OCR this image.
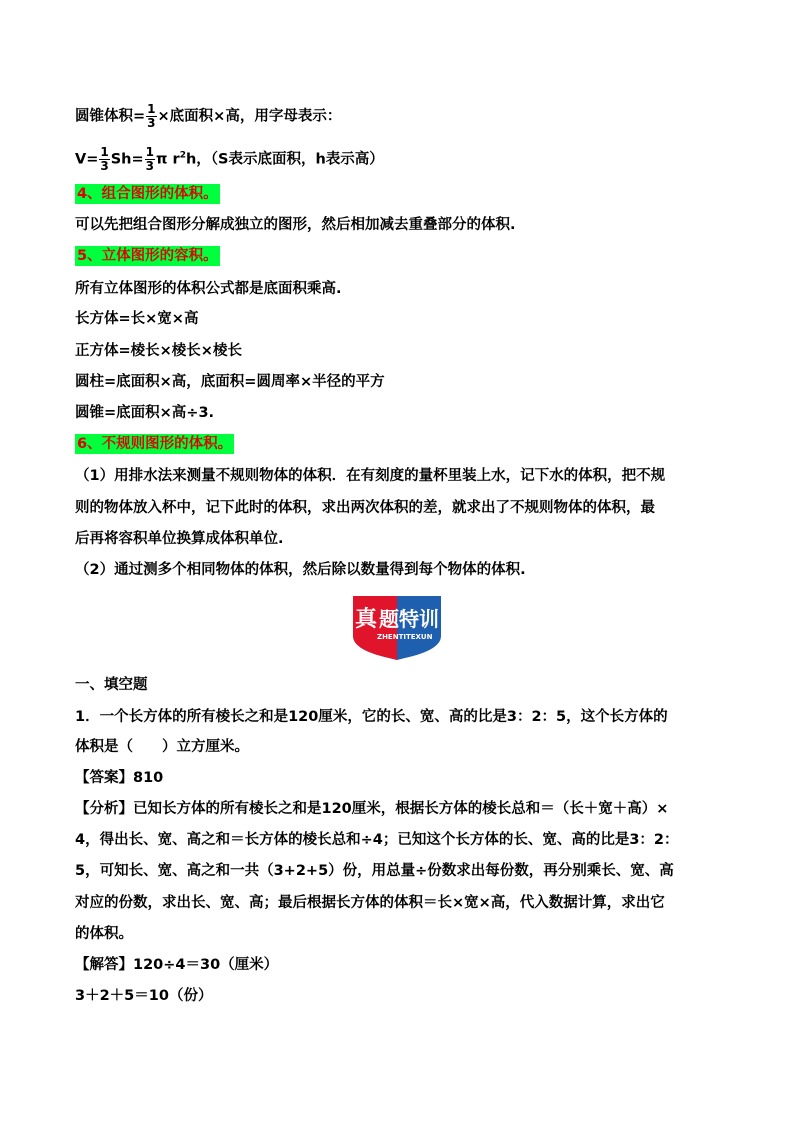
圆锥体积= $\frac{1}{3}$ ×底面积×高，用字母表示：
$V= \frac{1}{3} Sh= \frac{1}{3}$ π $r^2h$，（S表示底面积，h表示高）
4、组合图形的体积。
可以先把组合图形分解成独立的图形，然后相加减去重叠部分的体积.
5、立体图形的容积。
所有立体图形的体积公式都是底面积乘高.
长方体=长×宽×高
正方体=棱长×棱长×棱长
圆柱=底面积×高，底面积=圆周率×半径的平方
圆锥=底面积×高÷3.
6、不规则图形的体积。
（1）用排水法来测量不规则物体的体积．在有刻度的量杯里装上水，记下水的体积，把不规
则的物体放入杯中，记下此时的体积，求出两次体积的差，就求出了不规则物体的体积，最
后再将容积单位换算成体积单位.
（2）通过测多个相同物体的体积，然后除以数量得到每个物体的体积.
真 题特训
ZHENTITEXUN
一、填空题
1．一个长方体的所有棱长之和是120厘米，它的长、宽、高的比是3：2：5，这个长方体的
体积是（　　）立方厘米。
【答案】810
【分析】已知长方体的所有棱长之和是120厘米，根据长方体的棱长总和＝（长＋宽＋高）×
4，得出长、宽、高之和＝长方体的棱长总和÷4；已知这个长方体的长、宽、高的比是3：2：
5，可知长、宽、高之和一共（3+2+5）份，用总量÷份数求出每份数，再分别乘长、宽、高
对应的份数，求出长、宽、高；最后根据长方体的体积＝长×宽×高，代入数据计算，求出它
的体积。
【解答】120÷4＝30（厘米）
3＋2＋5＝10（份）
